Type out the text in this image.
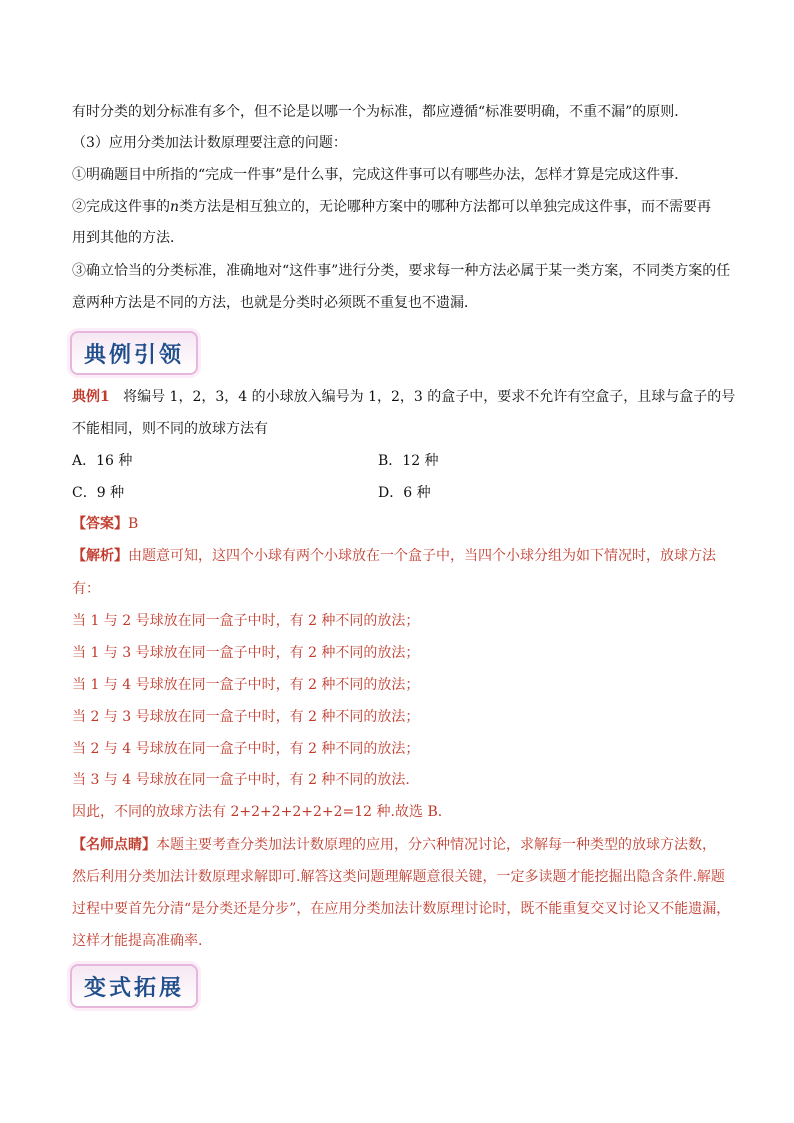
有时分类的划分标准有多个，但不论是以哪一个为标准，都应遵循“标准要明确，不重不漏”的原则．
（3）应用分类加法计数原理要注意的问题：
①明确题目中所指的“完成一件事”是什么事，完成这件事可以有哪些办法，怎样才算是完成这件事．
②完成这件事的n类方法是相互独立的，无论哪种方案中的哪种方法都可以单独完成这件事，而不需要再
用到其他的方法．
③确立恰当的分类标准，准确地对“这件事”进行分类，要求每一种方法必属于某一类方案，不同类方案的任
意两种方法是不同的方法，也就是分类时必须既不重复也不遗漏．
典例引领
典例1 将编号 1，2，3，4 的小球放入编号为 1，2，3 的盒子中，要求不允许有空盒子，且球与盒子的号
不能相同，则不同的放球方法有
A．16 种	B．12 种
C．9 种	D．6 种
【答案】B
【解析】由题意可知，这四个小球有两个小球放在一个盒子中，当四个小球分组为如下情况时，放球方法
有：
当 1 与 2 号球放在同一盒子中时，有 2 种不同的放法；
当 1 与 3 号球放在同一盒子中时，有 2 种不同的放法；
当 1 与 4 号球放在同一盒子中时，有 2 种不同的放法；
当 2 与 3 号球放在同一盒子中时，有 2 种不同的放法；
当 2 与 4 号球放在同一盒子中时，有 2 种不同的放法；
当 3 与 4 号球放在同一盒子中时，有 2 种不同的放法.
因此，不同的放球方法有 2+2+2+2+2+2=12 种.故选 B.
【名师点睛】本题主要考查分类加法计数原理的应用，分六种情况讨论，求解每一种类型的放球方法数，
然后利用分类加法计数原理求解即可.解答这类问题理解题意很关键，一定多读题才能挖掘出隐含条件.解题
过程中要首先分清“是分类还是分步”，在应用分类加法计数原理讨论时，既不能重复交叉讨论又不能遗漏，
这样才能提高准确率.
变式拓展
